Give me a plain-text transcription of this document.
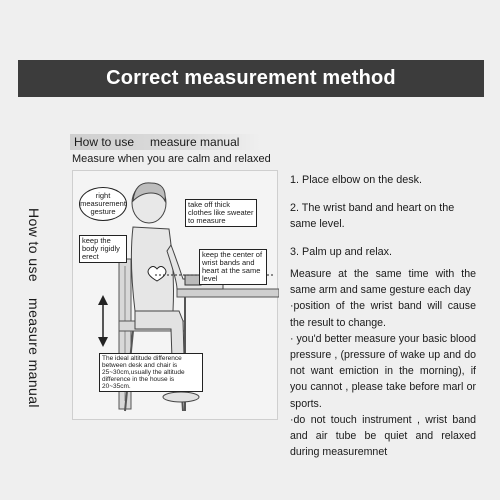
Correct measurement method
How to use measure manual
Measure when you are calm and relaxed
How to usemeasure manual
right measurement gesture
keep the body rigidly erect
take off thick clothes like sweater to measure
keep the center of wrist bands and heart at the same level
The ideal altitude difference between desk and chair is 25~30cm,usually the altitude difference in the house is 20~35cm.
1. Place elbow on the desk.
2. The wrist band and heart on the same level.
3. Palm up and relax.

Measure at the same time with the same arm and same gesture each day

·position of the wrist band will cause the result to change.

· you'd better measure your basic blood pressure , (pressure of wake up and do not want emiction in the morning), if you cannot , please take before marl or sports.

·do not touch instrument , wrist band and air tube be quiet and relaxed during measuremnet
